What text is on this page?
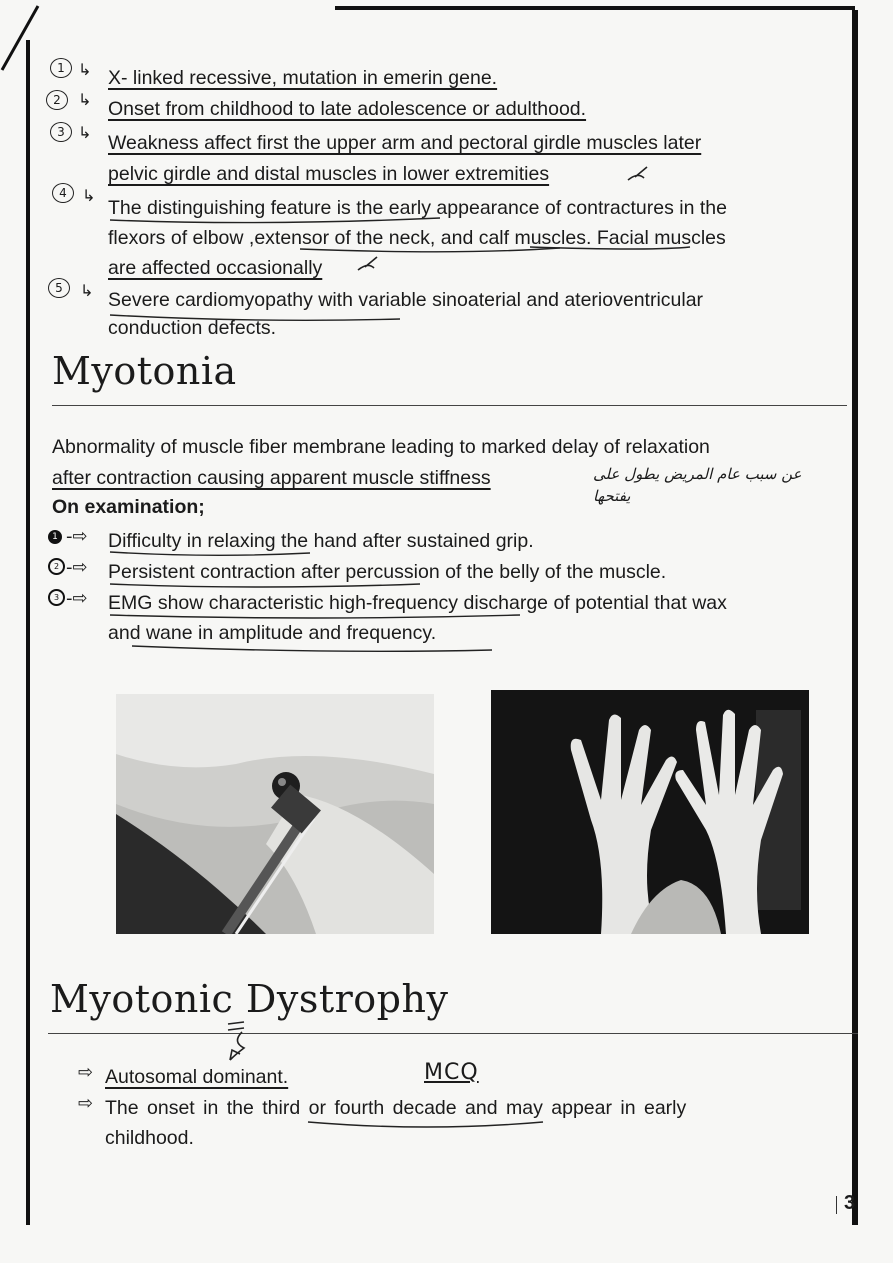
1 ↳ X- linked recessive, mutation in emerin gene.
2	↳ Onset from childhood to late adolescence or adulthood.
3 ↳ Weakness affect first the upper arm and pectoral girdle muscles later
pelvic girdle and distal muscles in lower extremities
4 ↳
The distinguishing feature is the early appearance of contractures in the
flexors of elbow ,extensor of the neck, and calf muscles. Facial muscles
are affected occasionally
5	↳ Severe cardiomyopathy with variable sinoaterial and aterioventricular
conduction defects.
Myotonia
Abnormality of muscle fiber membrane leading to marked delay of relaxation
after contraction causing apparent muscle stiffness	عن سبب عام المريض يطول على يفتحها
On examination;
1 -⇨ Difficulty in relaxing the hand after sustained grip.
2 -⇨ Persistent contraction after percussion of the belly of the muscle.
3 -⇨ EMG show characteristic high-frequency discharge of potential that wax
and wane in amplitude and frequency.
Myotonic Dystrophy
⇨ Autosomal dominant.	MCQ
⇨ The onset in the third or fourth decade and may appear in early
childhood.
3
